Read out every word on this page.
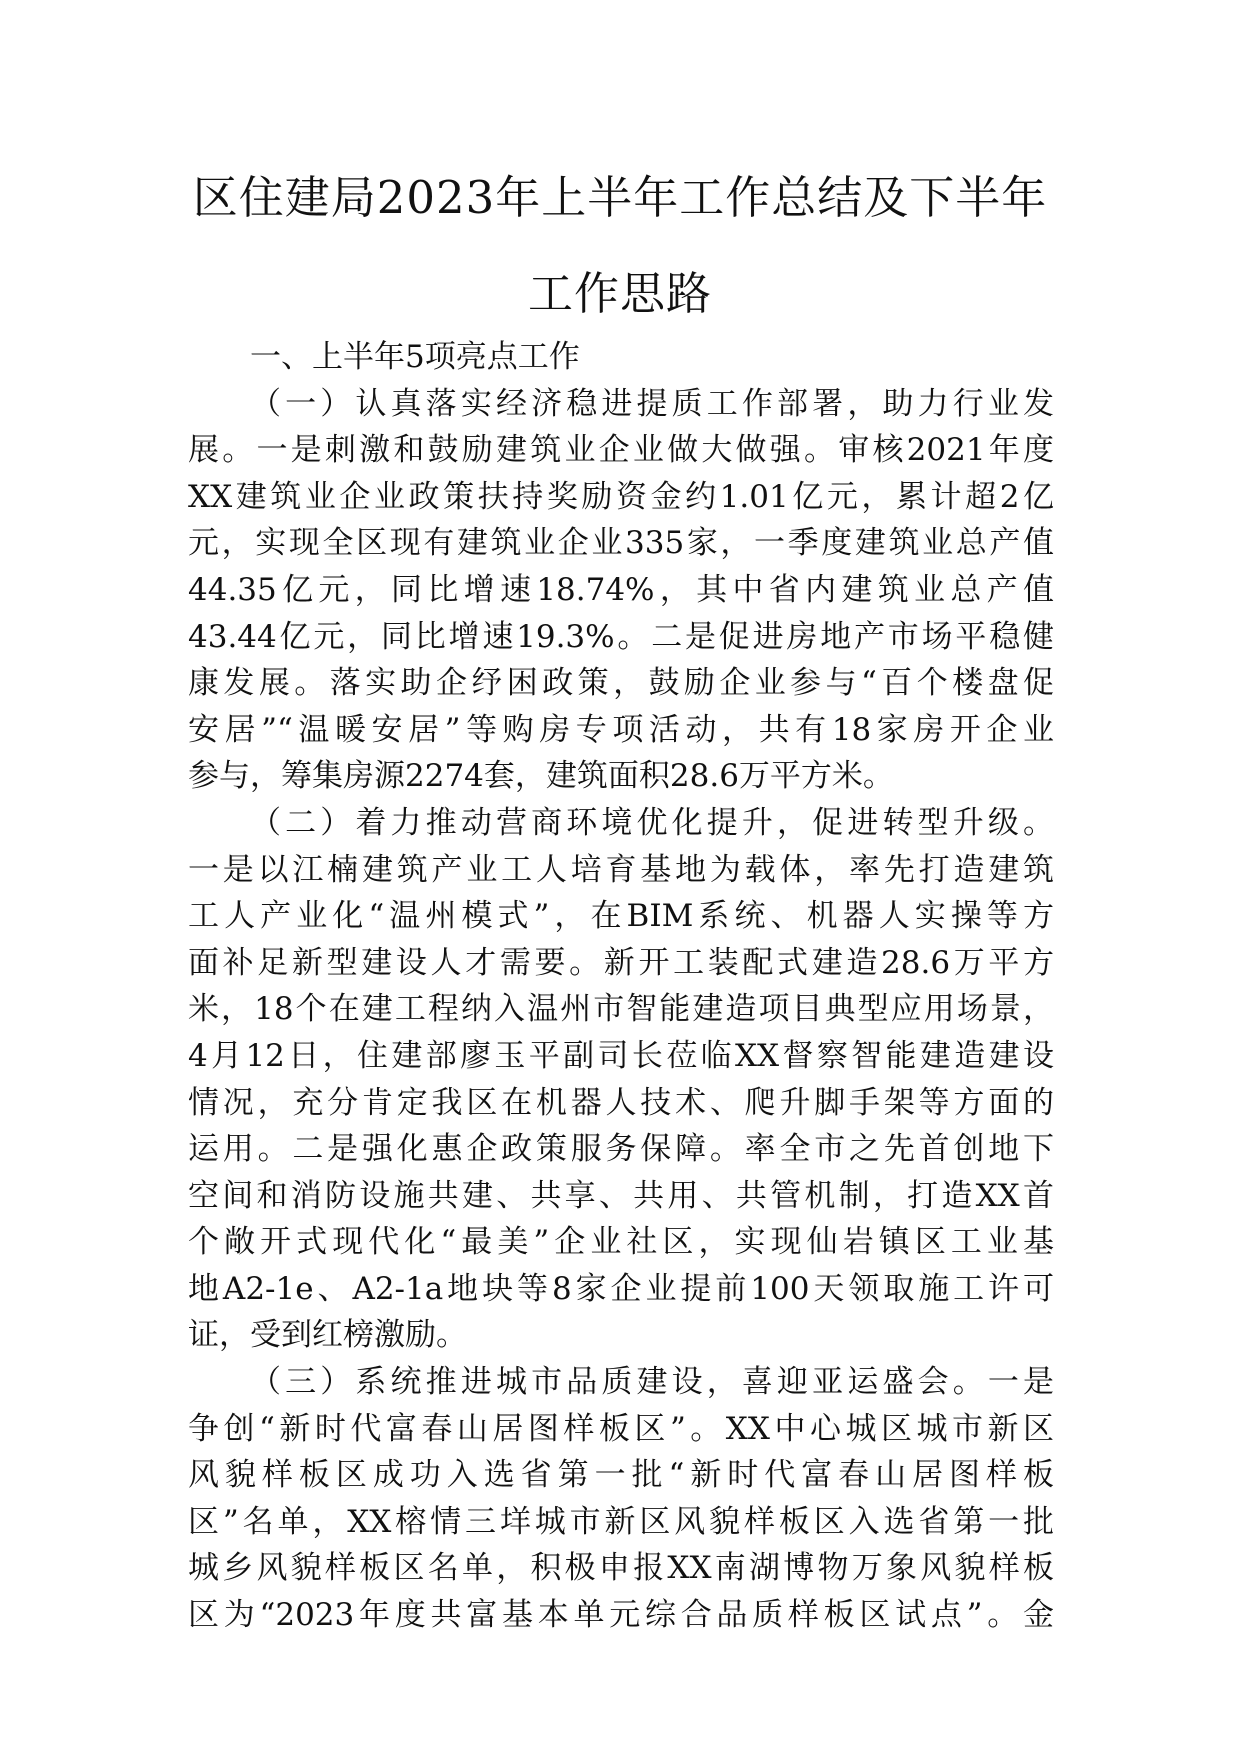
区住建局2023年上半年工作总结及下半年
工作思路
一、上半年5项亮点工作
（一）认真落实经济稳进提质工作部署，助力行业发
展。一是刺激和鼓励建筑业企业做大做强。审核2021年度
XX建筑业企业政策扶持奖励资金约1.01亿元，累计超2亿
元，实现全区现有建筑业企业335家，一季度建筑业总产值
44.35亿元，同比增速18.74%，其中省内建筑业总产值
43.44亿元，同比增速19.3%。二是促进房地产市场平稳健
康发展。落实助企纾困政策，鼓励企业参与“百个楼盘促
安居”“温暖安居”等购房专项活动，共有18家房开企业
参与，筹集房源2274套，建筑面积28.6万平方米。
（二）着力推动营商环境优化提升，促进转型升级。
一是以江楠建筑产业工人培育基地为载体，率先打造建筑
工人产业化“温州模式”，在BIM系统、机器人实操等方
面补足新型建设人才需要。新开工装配式建造28.6万平方
米，18个在建工程纳入温州市智能建造项目典型应用场景，
4月12日，住建部廖玉平副司长莅临XX督察智能建造建设
情况，充分肯定我区在机器人技术、爬升脚手架等方面的
运用。二是强化惠企政策服务保障。率全市之先首创地下
空间和消防设施共建、共享、共用、共管机制，打造XX首
个敞开式现代化“最美”企业社区，实现仙岩镇区工业基
地A2-1e、A2-1a地块等8家企业提前100天领取施工许可
证，受到红榜激励。
（三）系统推进城市品质建设，喜迎亚运盛会。一是
争创“新时代富春山居图样板区”。XX中心城区城市新区
风貌样板区成功入选省第一批“新时代富春山居图样板
区”名单，XX榕情三垟城市新区风貌样板区入选省第一批
城乡风貌样板区名单，积极申报XX南湖博物万象风貌样板
区为“2023年度共富基本单元综合品质样板区试点”。金
